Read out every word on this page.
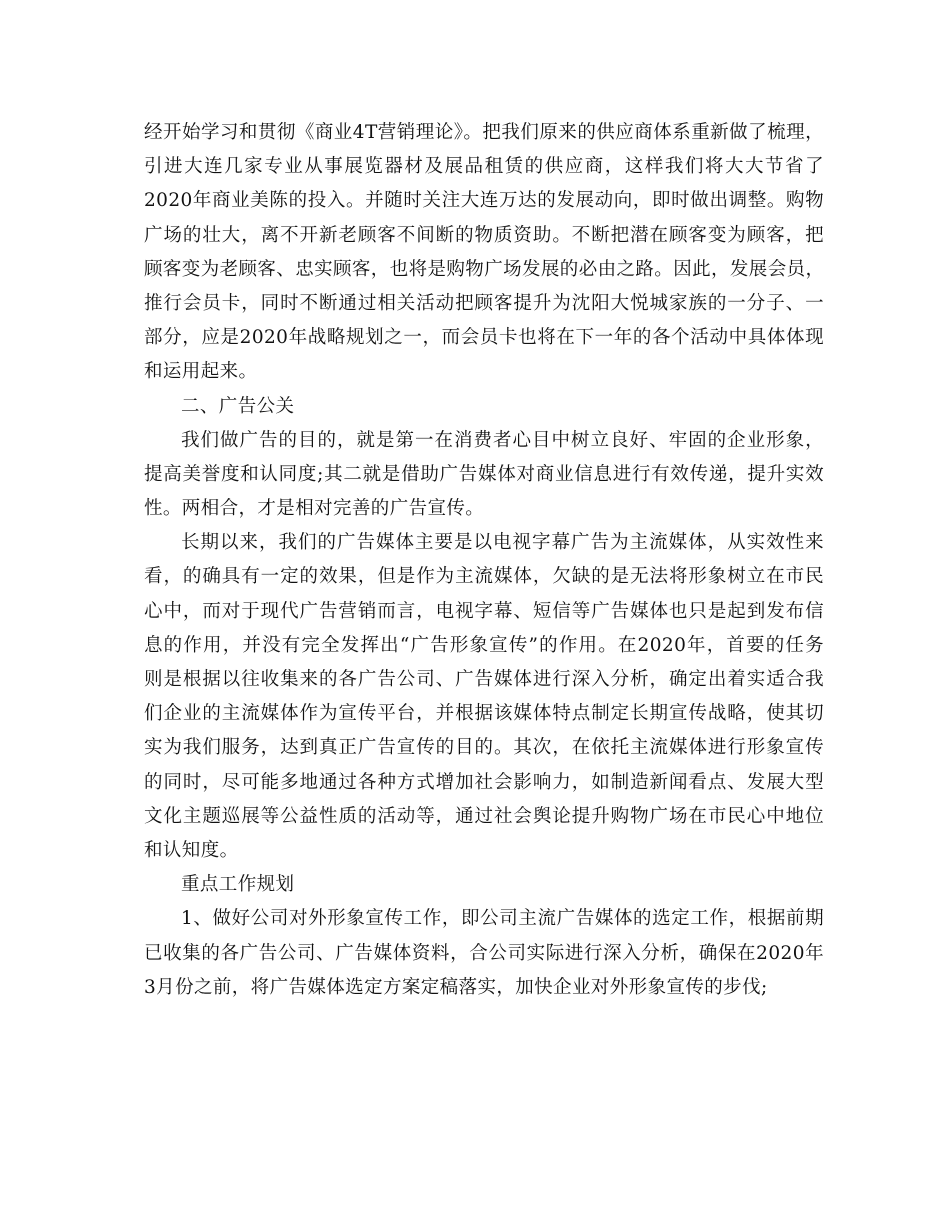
经开始学习和贯彻《商业4T营销理论》。把我们原来的供应商体系重新做了梳理，
引进大连几家专业从事展览器材及展品租赁的供应商，这样我们将大大节省了
2020年商业美陈的投入。并随时关注大连万达的发展动向，即时做出调整。购物
广场的壮大，离不开新老顾客不间断的物质资助。不断把潜在顾客变为顾客，把
顾客变为老顾客、忠实顾客，也将是购物广场发展的必由之路。因此，发展会员，
推行会员卡，同时不断通过相关活动把顾客提升为沈阳大悦城家族的一分子、一
部分，应是2020年战略规划之一，而会员卡也将在下一年的各个活动中具体体现
和运用起来。
二、广告公关
我们做广告的目的，就是第一在消费者心目中树立良好、牢固的企业形象，
提高美誉度和认同度;其二就是借助广告媒体对商业信息进行有效传递，提升实效
性。两相合，才是相对完善的广告宣传。
长期以来，我们的广告媒体主要是以电视字幕广告为主流媒体，从实效性来
看，的确具有一定的效果，但是作为主流媒体，欠缺的是无法将形象树立在市民
心中，而对于现代广告营销而言，电视字幕、短信等广告媒体也只是起到发布信
息的作用，并没有完全发挥出“广告形象宣传”的作用。在2020年，首要的任务
则是根据以往收集来的各广告公司、广告媒体进行深入分析，确定出着实适合我
们企业的主流媒体作为宣传平台，并根据该媒体特点制定长期宣传战略，使其切
实为我们服务，达到真正广告宣传的目的。其次，在依托主流媒体进行形象宣传
的同时，尽可能多地通过各种方式增加社会影响力，如制造新闻看点、发展大型
文化主题巡展等公益性质的活动等，通过社会舆论提升购物广场在市民心中地位
和认知度。
重点工作规划
1、做好公司对外形象宣传工作，即公司主流广告媒体的选定工作，根据前期
已收集的各广告公司、广告媒体资料，合公司实际进行深入分析，确保在2020年
3月份之前，将广告媒体选定方案定稿落实，加快企业对外形象宣传的步伐;
